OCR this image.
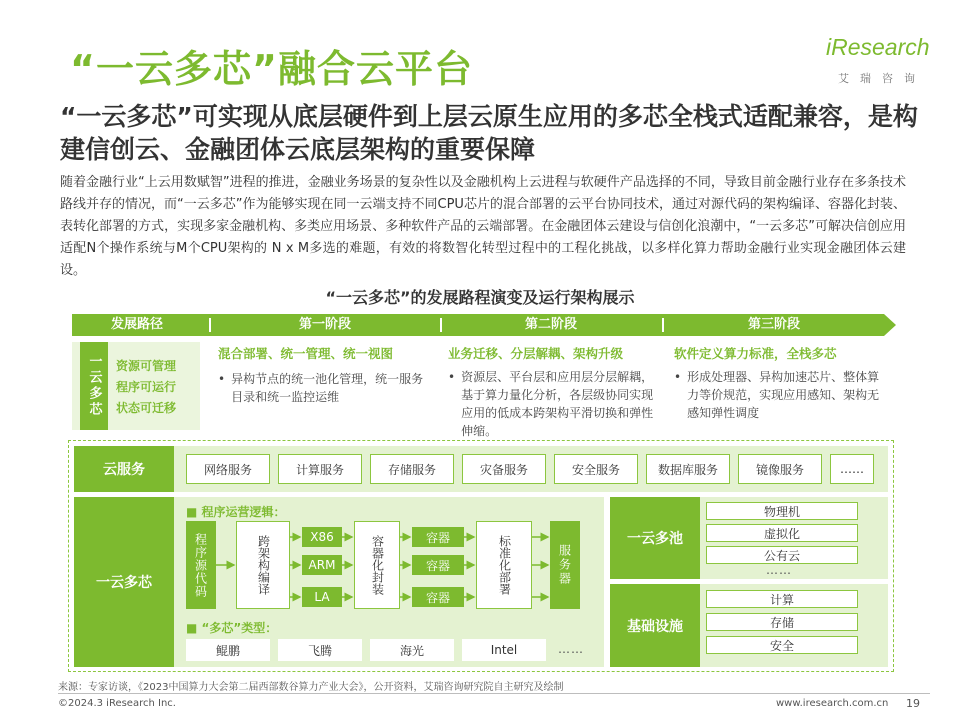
“一云多芯”融合云平台	iResearch
艾瑞咨询
“一云多芯”可实现从底层硬件到上层云原生应用的多芯全栈式适配兼容，是构建信创云、金融团体云底层架构的重要保障
随着金融行业“上云用数赋智”进程的推进，金融业务场景的复杂性以及金融机构上云进程与软硬件产品选择的不同，导致目前金融行业存在多条技术路线并存的情况，而“一云多芯”作为能够实现在同一云端支持不同CPU芯片的混合部署的云平台协同技术，通过对源代码的架构编译、容器化封装、表转化部署的方式，实现多家金融机构、多类应用场景、多种软件产品的云端部署。在金融团体云建设与信创化浪潮中，“一云多芯”可解决信创应用适配N个操作系统与M个CPU架构的 N x M多选的难题，有效的将数智化转型过程中的工程化挑战，以多样化算力帮助金融行业实现金融团体云建设。
“一云多芯”的发展路程演变及运行架构展示
发展路径	第一阶段	第二阶段	第三阶段
一云多芯	资源可管理
程序可运行
状态可迁移
混合部署、统一管理、统一视图
• 异构节点的统一池化管理，统一服务目录和统一监控运维
业务迁移、分层解耦、架构升级
• 资源层、平台层和应用层分层解耦，基于算力量化分析，各层级协同实现应用的低成本跨架构平滑切换和弹性伸缩。
软件定义算力标准，全栈多芯
• 形成处理器、异构加速芯片、整体算力等价规范，实现应用感知、架构无感知弹性调度
云服务	网络服务	计算服务	存储服务	灾备服务	安全服务	数据库服务	镜像服务	……
一云多芯
■ 程序运营逻辑：
程序源代码	跨架构编译	X86
ARM
LA
容器化封装	容器
容器
容器
标准化部署	服务器
■ “多芯”类型：
鲲鹏	飞腾	海光	Intel	……
一云多池
物理机
虚拟化
公有云
……
基础设施
计算
存储
安全
来源：专家访谈，《2023中国算力大会第二届西部数谷算力产业大会》，公开资料，艾瑞咨询研究院自主研究及绘制
©2024.3 iResearch Inc.	www.iresearch.com.cn 19
